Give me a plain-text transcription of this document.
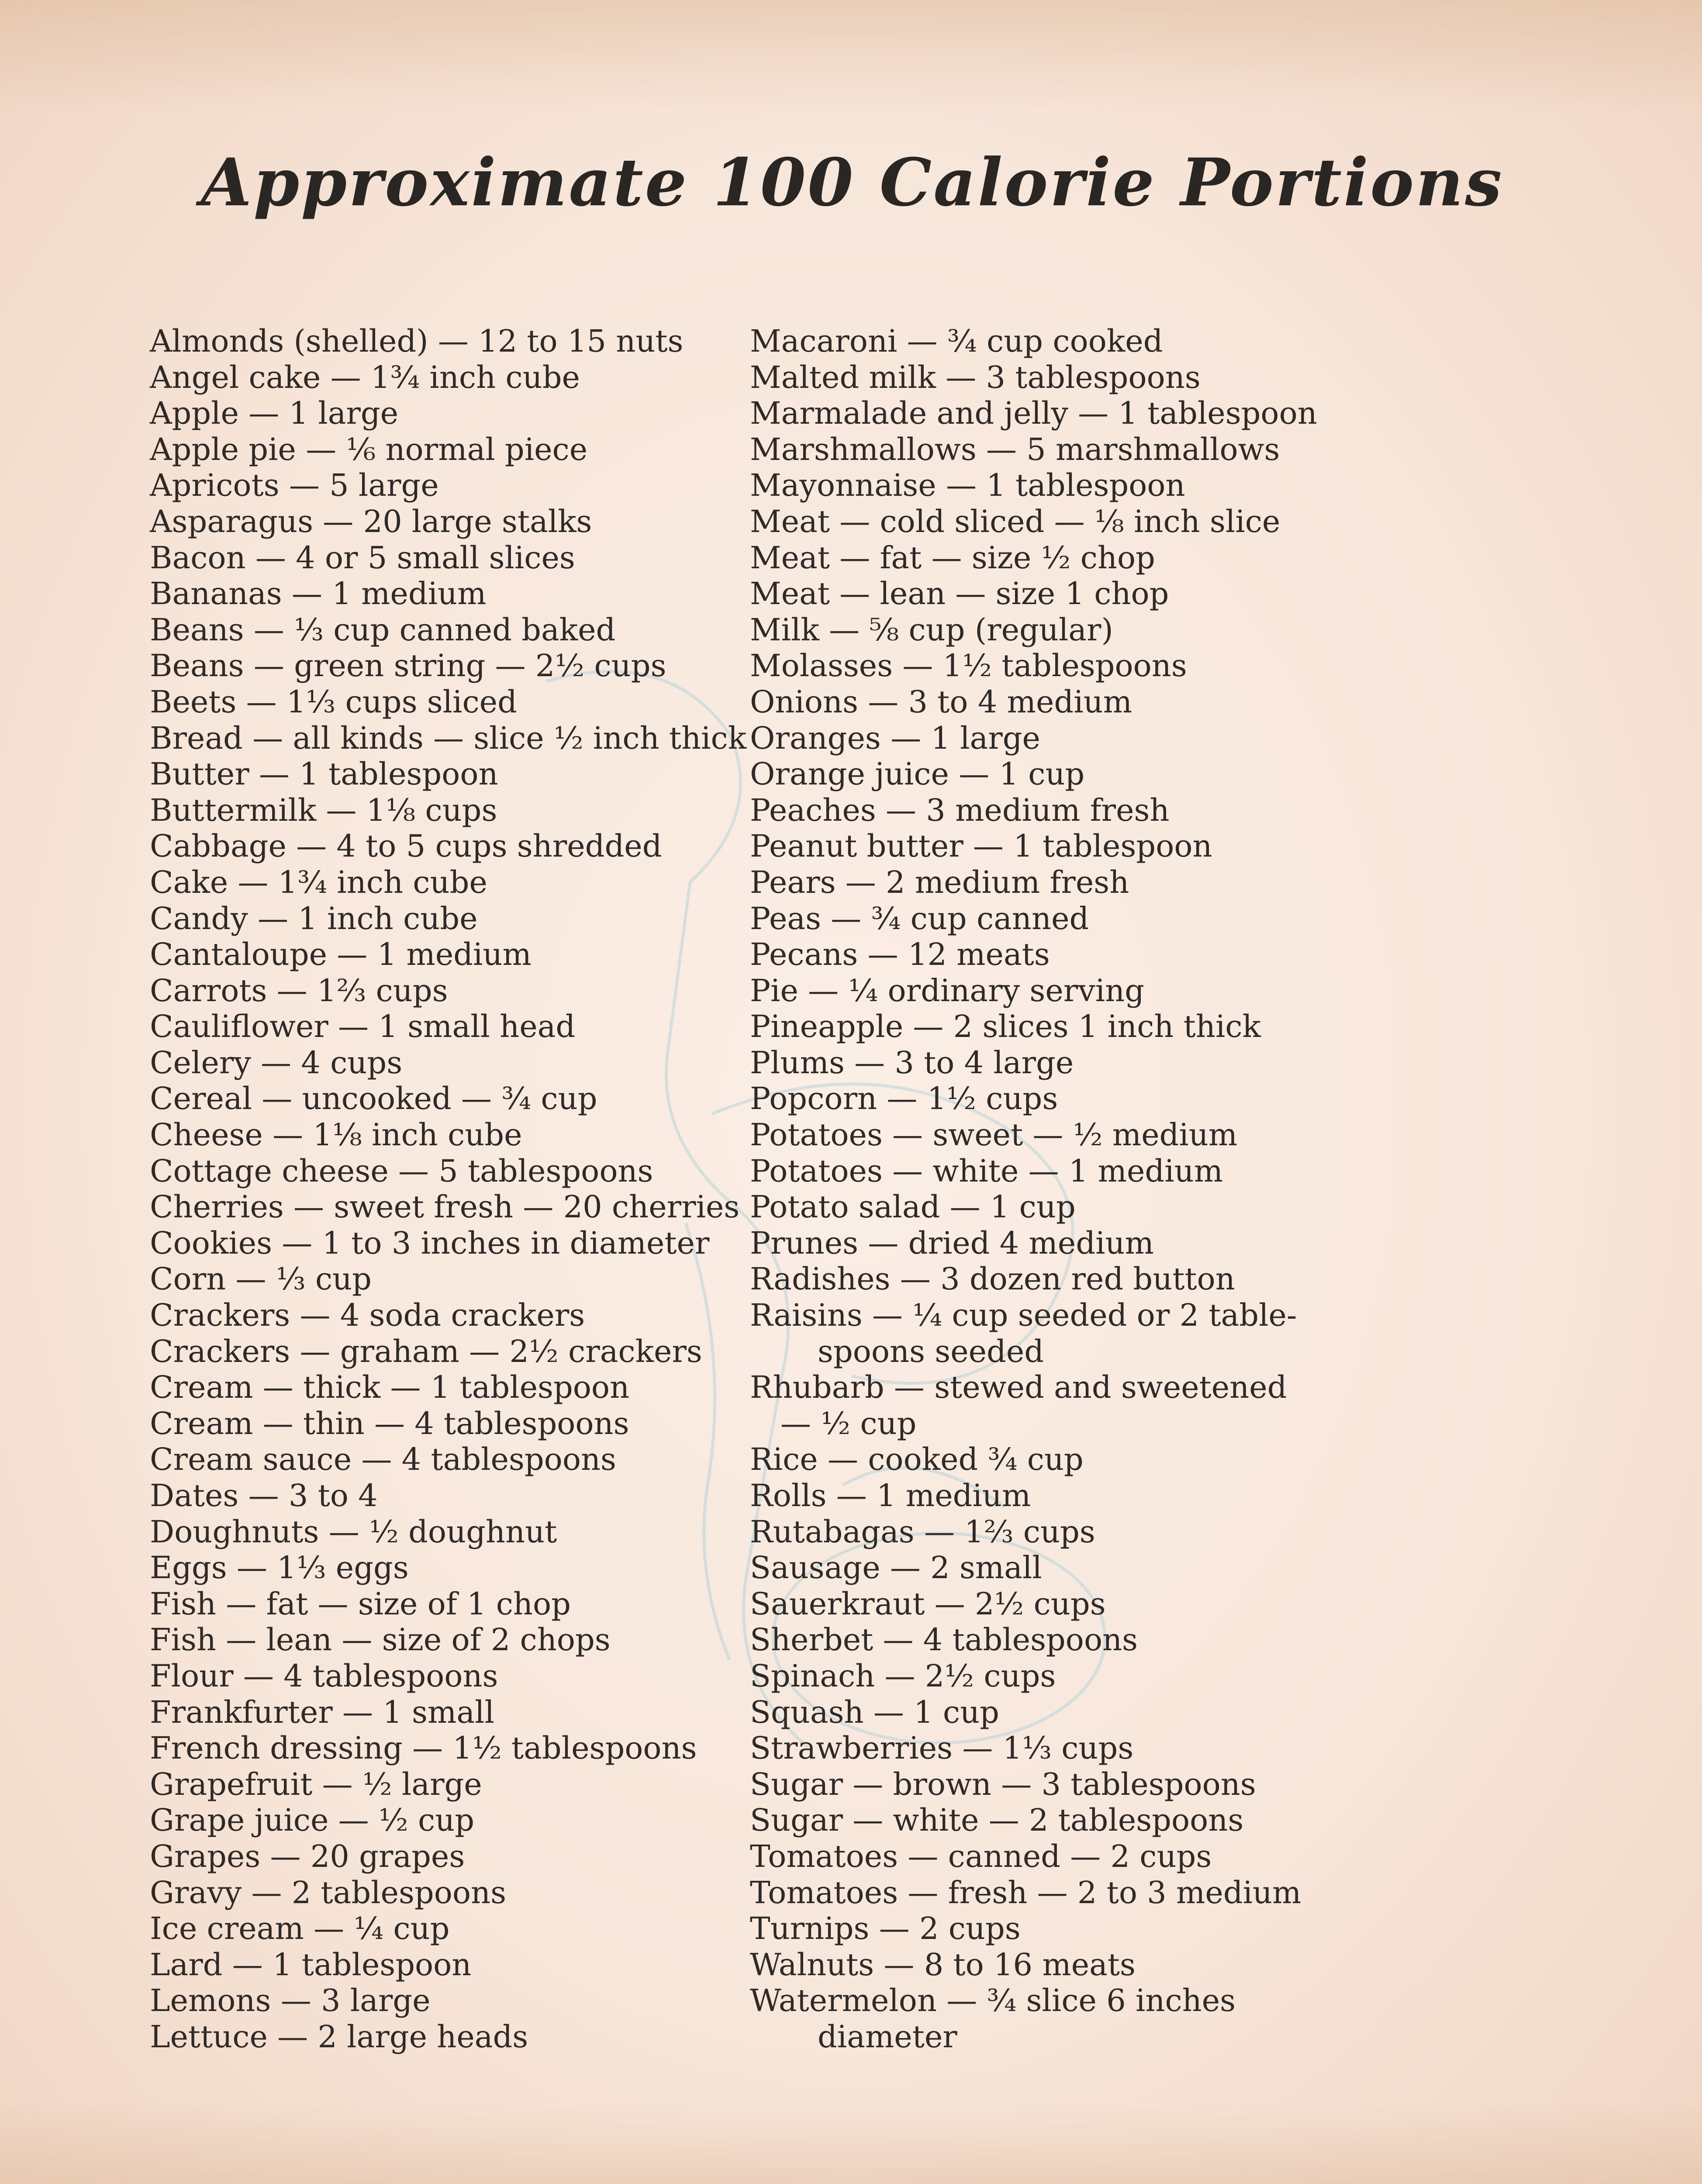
Approximate 100 Calorie Portions
Almonds (shelled) — 12 to 15 nuts
Angel cake — 1¾ inch cube
Apple — 1 large
Apple pie — ⅙ normal piece
Apricots — 5 large
Asparagus — 20 large stalks
Bacon — 4 or 5 small slices
Bananas — 1 medium
Beans — ⅓ cup canned baked
Beans — green string — 2½ cups
Beets — 1⅓ cups sliced
Bread — all kinds — slice ½ inch thick
Butter — 1 tablespoon
Buttermilk — 1⅛ cups
Cabbage — 4 to 5 cups shredded
Cake — 1¾ inch cube
Candy — 1 inch cube
Cantaloupe — 1 medium
Carrots — 1⅔ cups
Cauliflower — 1 small head
Celery — 4 cups
Cereal — uncooked — ¾ cup
Cheese — 1⅛ inch cube
Cottage cheese — 5 tablespoons
Cherries — sweet fresh — 20 cherries
Cookies — 1 to 3 inches in diameter
Corn — ⅓ cup
Crackers — 4 soda crackers
Crackers — graham — 2½ crackers
Cream — thick — 1 tablespoon
Cream — thin — 4 tablespoons
Cream sauce — 4 tablespoons
Dates — 3 to 4
Doughnuts — ½ doughnut
Eggs — 1⅓ eggs
Fish — fat — size of 1 chop
Fish — lean — size of 2 chops
Flour — 4 tablespoons
Frankfurter — 1 small
French dressing — 1½ tablespoons
Grapefruit — ½ large
Grape juice — ½ cup
Grapes — 20 grapes
Gravy — 2 tablespoons
Ice cream — ¼ cup
Lard — 1 tablespoon
Lemons — 3 large
Lettuce — 2 large heads
Macaroni — ¾ cup cooked
Malted milk — 3 tablespoons
Marmalade and jelly — 1 tablespoon
Marshmallows — 5 marshmallows
Mayonnaise — 1 tablespoon
Meat — cold sliced — ⅛ inch slice
Meat — fat — size ½ chop
Meat — lean — size 1 chop
Milk — ⅝ cup (regular)
Molasses — 1½ tablespoons
Onions — 3 to 4 medium
Oranges — 1 large
Orange juice — 1 cup
Peaches — 3 medium fresh
Peanut butter — 1 tablespoon
Pears — 2 medium fresh
Peas — ¾ cup canned
Pecans — 12 meats
Pie — ¼ ordinary serving
Pineapple — 2 slices 1 inch thick
Plums — 3 to 4 large
Popcorn — 1½ cups
Potatoes — sweet — ½ medium
Potatoes — white — 1 medium
Potato salad — 1 cup
Prunes — dried 4 medium
Radishes — 3 dozen red button
Raisins — ¼ cup seeded or 2 table-
spoons seeded
Rhubarb — stewed and sweetened
— ½ cup
Rice — cooked ¾ cup
Rolls — 1 medium
Rutabagas — 1⅔ cups
Sausage — 2 small
Sauerkraut — 2½ cups
Sherbet — 4 tablespoons
Spinach — 2½ cups
Squash — 1 cup
Strawberries — 1⅓ cups
Sugar — brown — 3 tablespoons
Sugar — white — 2 tablespoons
Tomatoes — canned — 2 cups
Tomatoes — fresh — 2 to 3 medium
Turnips — 2 cups
Walnuts — 8 to 16 meats
Watermelon — ¾ slice 6 inches
diameter
